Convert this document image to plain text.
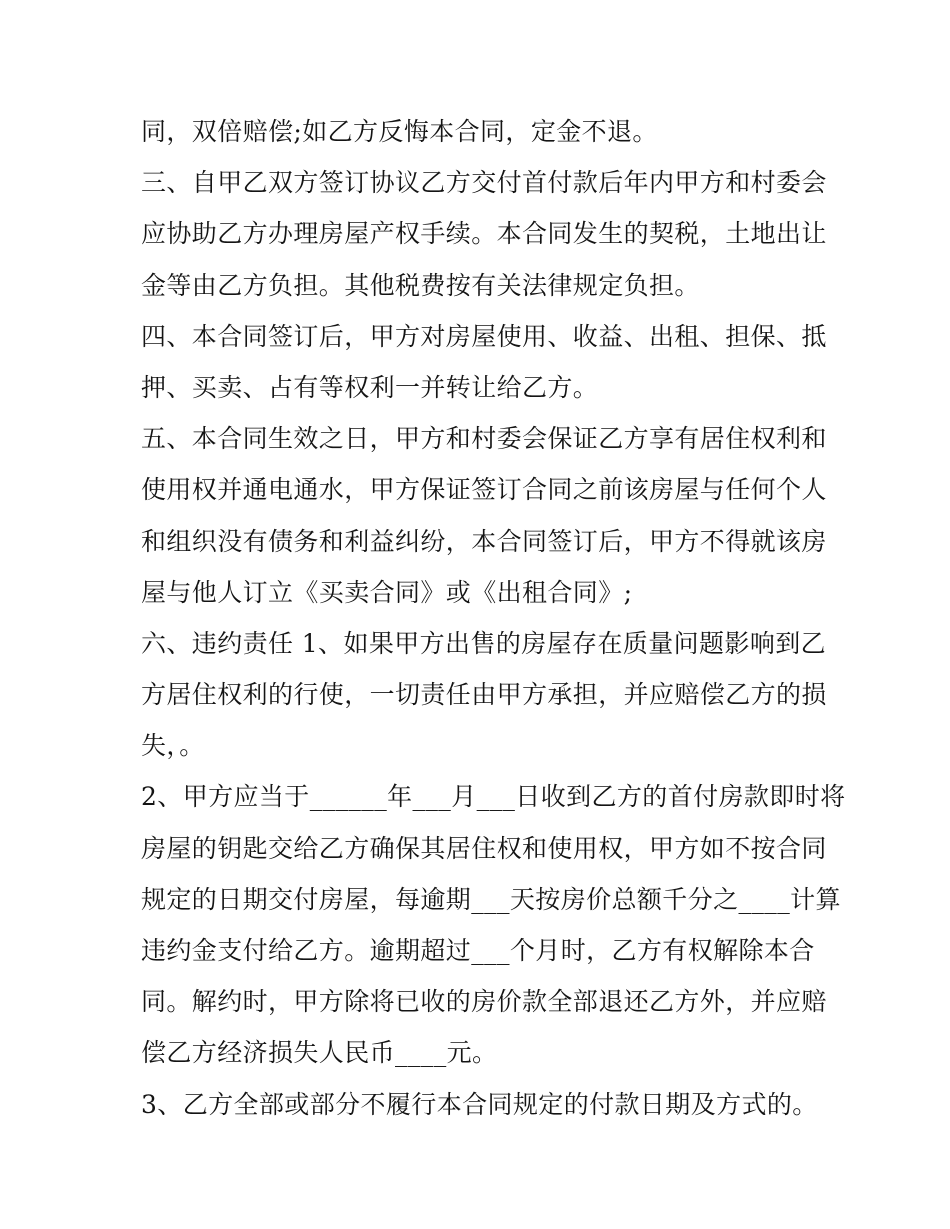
同，双倍赔偿;如乙方反悔本合同，定金不退。
三、自甲乙双方签订协议乙方交付首付款后年内甲方和村委会
应协助乙方办理房屋产权手续。本合同发生的契税，土地出让
金等由乙方负担。其他税费按有关法律规定负担。
四、本合同签订后，甲方对房屋使用、收益、出租、担保、抵
押、买卖、占有等权利一并转让给乙方。
五、本合同生效之日，甲方和村委会保证乙方享有居住权利和
使用权并通电通水，甲方保证签订合同之前该房屋与任何个人
和组织没有债务和利益纠纷，本合同签订后，甲方不得就该房
屋与他人订立《买卖合同》或《出租合同》;
六、违约责任 1、如果甲方出售的房屋存在质量问题影响到乙
方居住权利的行使，一切责任由甲方承担，并应赔偿乙方的损
失，。
2、甲方应当于______年___月___日收到乙方的首付房款即时将
房屋的钥匙交给乙方确保其居住权和使用权，甲方如不按合同
规定的日期交付房屋，每逾期___天按房价总额千分之____计算
违约金支付给乙方。逾期超过___个月时，乙方有权解除本合
同。解约时，甲方除将已收的房价款全部退还乙方外，并应赔
偿乙方经济损失人民币____元。
3、乙方全部或部分不履行本合同规定的付款日期及方式的。
